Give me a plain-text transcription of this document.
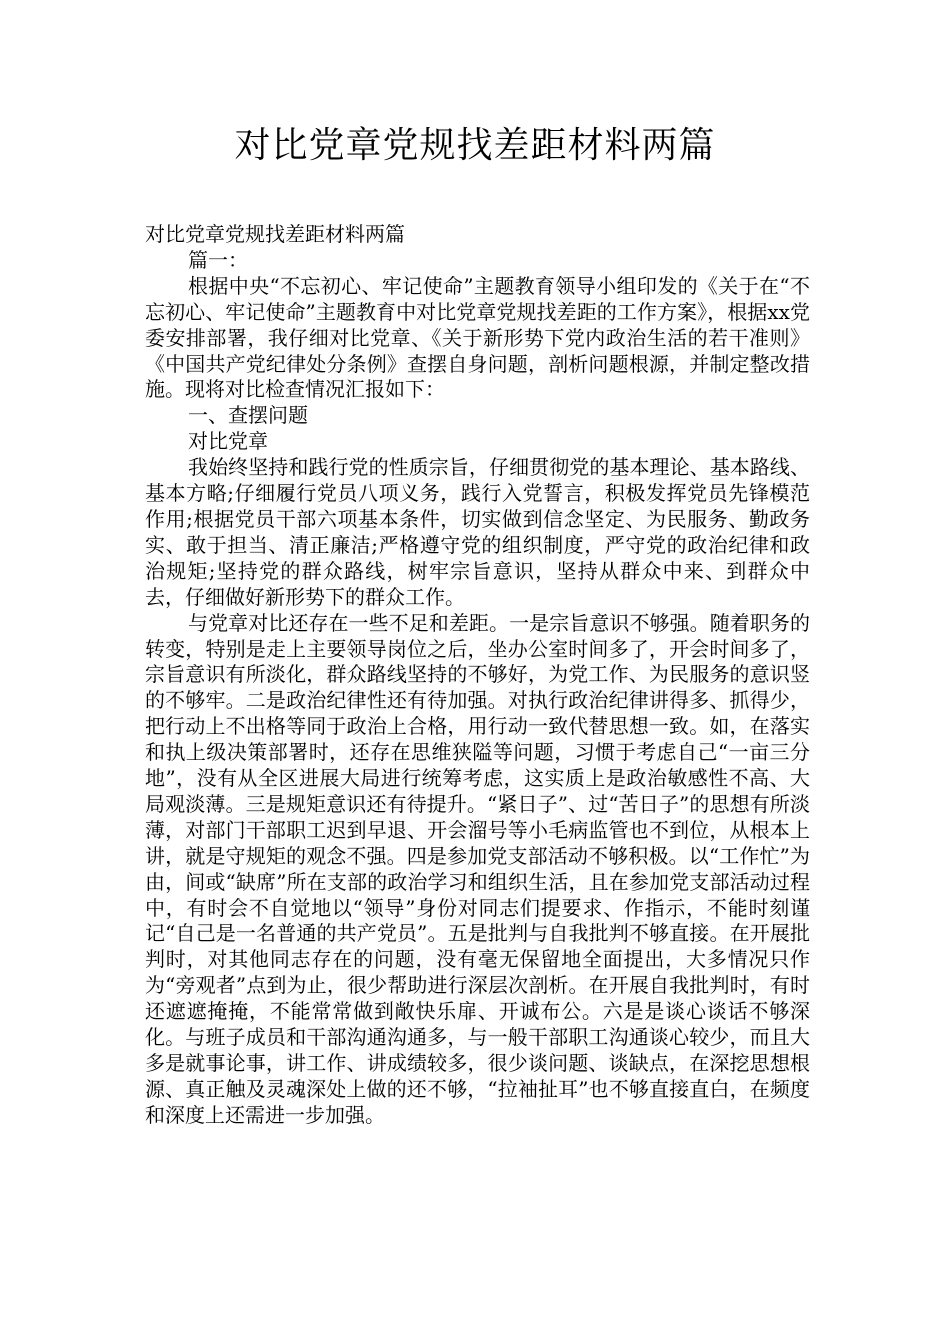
对比党章党规找差距材料两篇

对比党章党规找差距材料两篇

篇一：

根据中央“不忘初心、牢记使命”主题教育领导小组印发的《关于在“不忘初心、牢记使命”主题教育中对比党章党规找差距的工作方案》，根据xx党委安排部署，我仔细对比党章、《关于新形势下党内政治生活的若干准则》《中国共产党纪律处分条例》查摆自身问题，剖析问题根源，并制定整改措施。现将对比检查情况汇报如下：

一、查摆问题

对比党章

我始终坚持和践行党的性质宗旨，仔细贯彻党的基本理论、基本路线、基本方略;仔细履行党员八项义务，践行入党誓言，积极发挥党员先锋模范作用;根据党员干部六项基本条件，切实做到信念坚定、为民服务、勤政务实、敢于担当、清正廉洁;严格遵守党的组织制度，严守党的政治纪律和政治规矩;坚持党的群众路线，树牢宗旨意识，坚持从群众中来、到群众中去，仔细做好新形势下的群众工作。

与党章对比还存在一些不足和差距。一是宗旨意识不够强。随着职务的转变，特别是走上主要领导岗位之后，坐办公室时间多了，开会时间多了，宗旨意识有所淡化，群众路线坚持的不够好，为党工作、为民服务的意识竖的不够牢。二是政治纪律性还有待加强。对执行政治纪律讲得多、抓得少，把行动上不出格等同于政治上合格，用行动一致代替思想一致。如，在落实和执上级决策部署时，还存在思维狭隘等问题，习惯于考虑自己“一亩三分地”，没有从全区进展大局进行统筹考虑，这实质上是政治敏感性不高、大局观淡薄。三是规矩意识还有待提升。“紧日子”、过“苦日子”的思想有所淡薄，对部门干部职工迟到早退、开会溜号等小毛病监管也不到位，从根本上讲，就是守规矩的观念不强。四是参加党支部活动不够积极。以“工作忙”为由，间或“缺席”所在支部的政治学习和组织生活，且在参加党支部活动过程中，有时会不自觉地以“领导”身份对同志们提要求、作指示，不能时刻谨记“自己是一名普通的共产党员”。五是批判与自我批判不够直接。在开展批判时，对其他同志存在的问题，没有毫无保留地全面提出，大多情况只作为“旁观者”点到为止，很少帮助进行深层次剖析。在开展自我批判时，有时还遮遮掩掩，不能常常做到敞快乐扉、开诚布公。六是是谈心谈话不够深化。与班子成员和干部沟通沟通多，与一般干部职工沟通谈心较少，而且大多是就事论事，讲工作、讲成绩较多，很少谈问题、谈缺点，在深挖思想根源、真正触及灵魂深处上做的还不够，“拉袖扯耳”也不够直接直白，在频度和深度上还需进一步加强。
